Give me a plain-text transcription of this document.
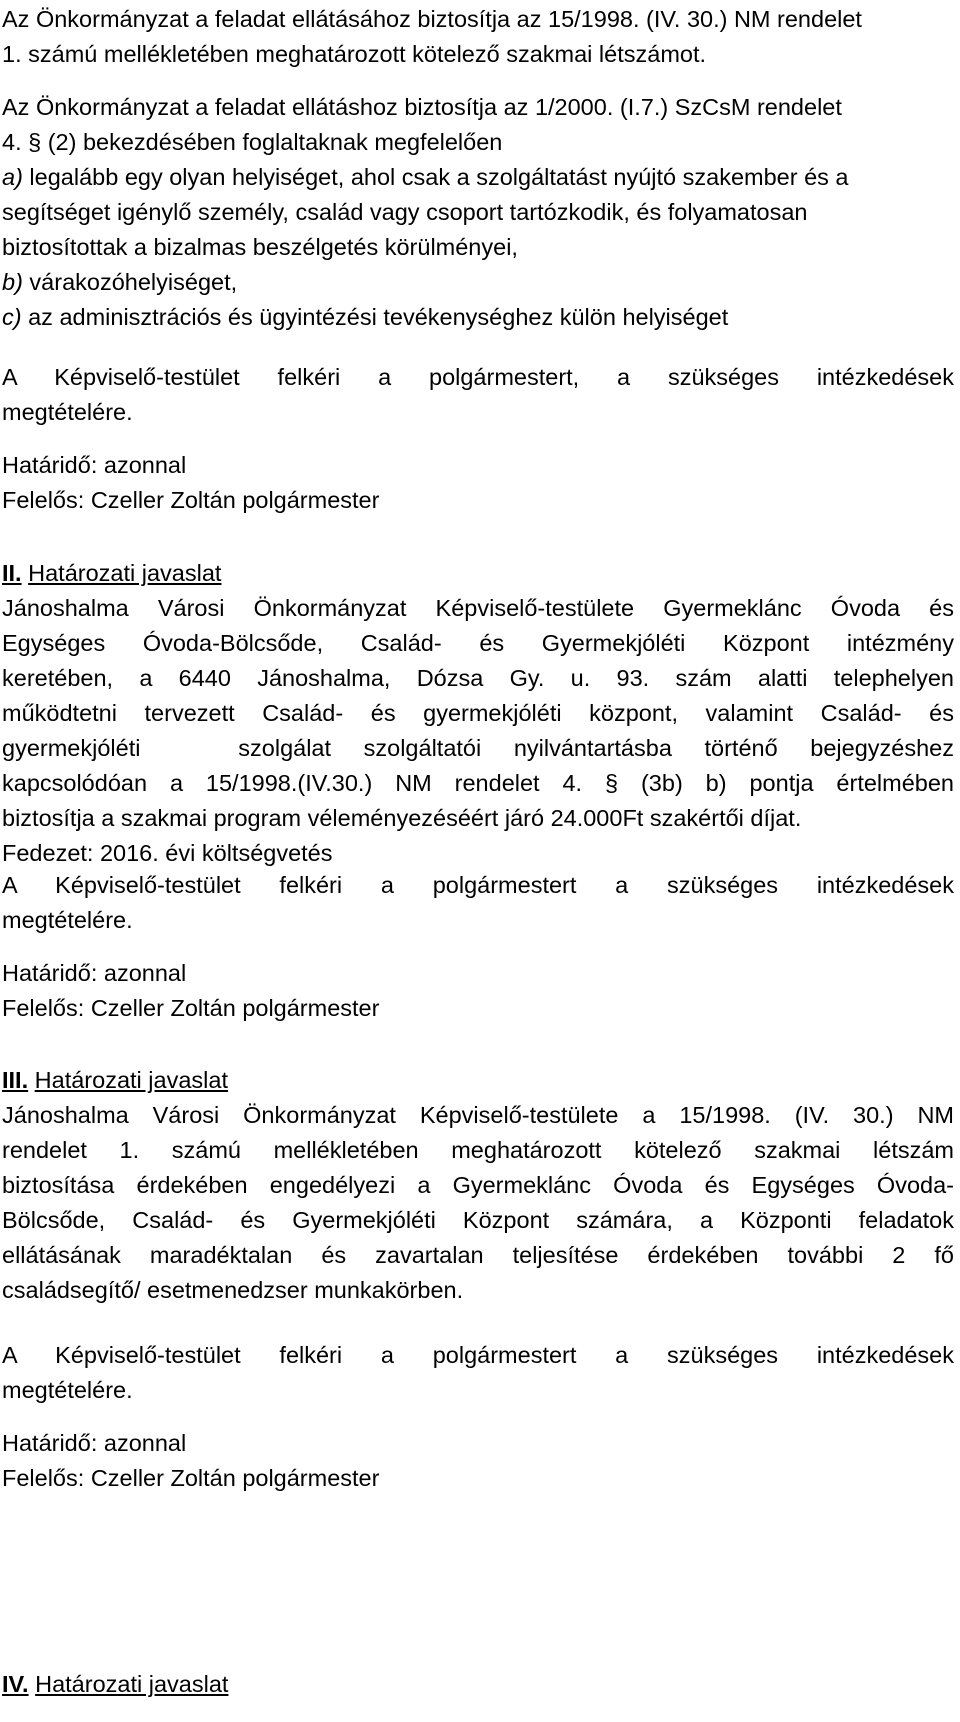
Az Önkormányzat a feladat ellátásához biztosítja az 15/1998. (IV. 30.) NM rendelet
1. számú mellékletében meghatározott kötelező szakmai létszámot.
Az Önkormányzat a feladat ellátáshoz biztosítja az 1/2000. (I.7.) SzCsM rendelet
4. § (2) bekezdésében foglaltaknak megfelelően
a) legalább egy olyan helyiséget, ahol csak a szolgáltatást nyújtó szakember és a
segítséget igénylő személy, család vagy csoport tartózkodik, és folyamatosan
biztosítottak a bizalmas beszélgetés körülményei,
b) várakozóhelyiséget,
c) az adminisztrációs és ügyintézési tevékenységhez külön helyiséget
A Képviselő-testület felkéri a polgármestert, a szükséges intézkedések
megtételére.
Határidő: azonnal
Felelős: Czeller Zoltán polgármester
II. Határozati javaslat
Jánoshalma Városi Önkormányzat Képviselő-testülete Gyermeklánc Óvoda és
Egységes Óvoda-Bölcsőde, Család- és Gyermekjóléti Központ intézmény
keretében, a 6440 Jánoshalma, Dózsa Gy. u. 93. szám alatti telephelyen
működtetni tervezett Család- és gyermekjóléti központ, valamint Család- és
gyermekjóléti   szolgálat szolgáltatói nyilvántartásba történő bejegyzéshez
kapcsolódóan a 15/1998.(IV.30.) NM rendelet 4. § (3b) b) pontja értelmében
biztosítja a szakmai program véleményezéséért járó 24.000Ft szakértői díjat.
Fedezet: 2016. évi költségvetés
A Képviselő-testület felkéri a polgármestert a szükséges intézkedések
megtételére.
Határidő: azonnal
Felelős: Czeller Zoltán polgármester
III. Határozati javaslat
Jánoshalma Városi Önkormányzat Képviselő-testülete a 15/1998. (IV. 30.) NM
rendelet 1. számú mellékletében meghatározott kötelező szakmai létszám
biztosítása érdekében engedélyezi a Gyermeklánc Óvoda és Egységes Óvoda-
Bölcsőde, Család- és Gyermekjóléti Központ számára, a Központi feladatok
ellátásának maradéktalan és zavartalan teljesítése érdekében további 2 fő
családsegítő/ esetmenedzser munkakörben.
A Képviselő-testület felkéri a polgármestert a szükséges intézkedések
megtételére.
Határidő: azonnal
Felelős: Czeller Zoltán polgármester
IV. Határozati javaslat
